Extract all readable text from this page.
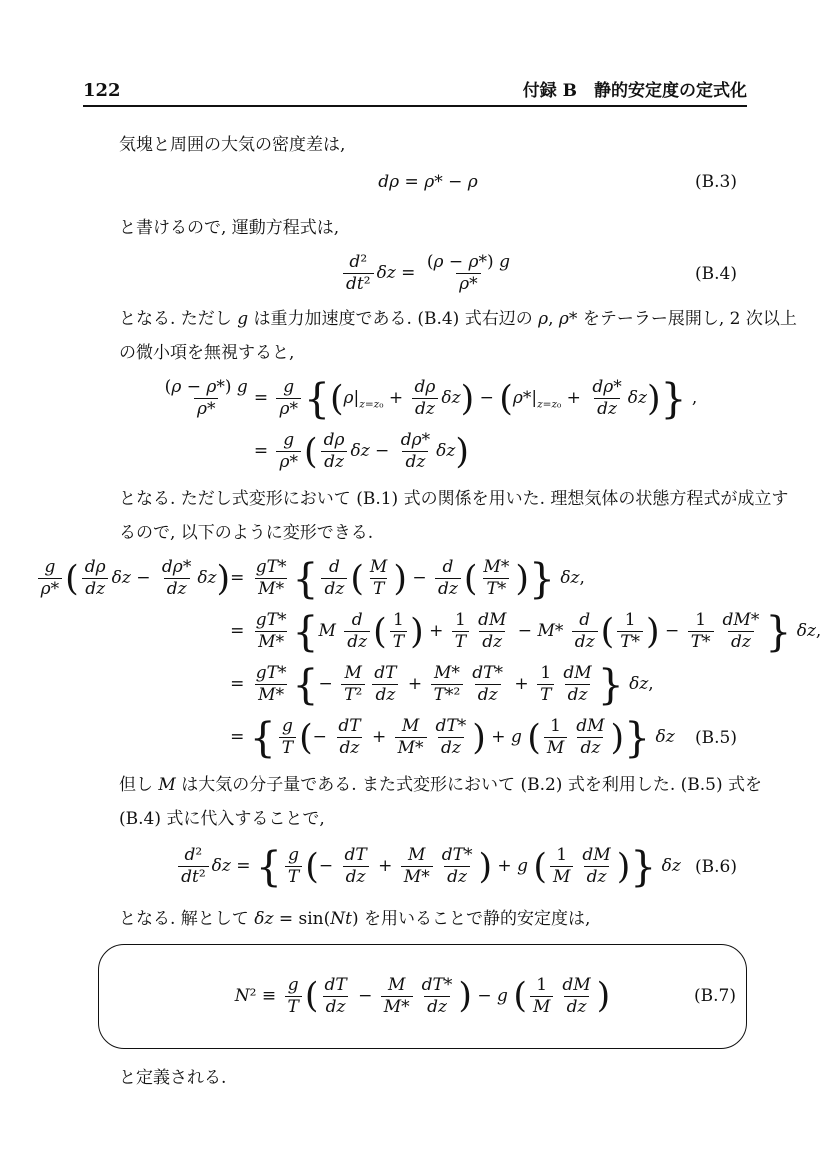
122	付録 B　静的安定度の定式化
気塊と周囲の大気の密度差は,
dρ = ρ* − ρ	(B.3)
と書けるので, 運動方程式は,
$\frac{\text{d²}}{\text{dt²}}$ $\delta z = \frac{(\rho - \rho*) g}{\rho*}$	(B.4)
となる. ただし g は重力加速度である. (B.4) 式右辺の ρ, ρ* をテーラー展開し, 2 次以上
の微小項を無視すると,
$\frac{(\rho - \rho*) g}{\rho*}$	= $\frac{g}{\rho*} \{(\rho|_{z=z_0} + \frac{d\rho}{dz} \delta z) - (\rho*|_{z=z_0} + \frac{d\rho*}{dz} \delta z)\}$ ,
	= $\frac{g}{\rho*}$ ( $\frac{d\rho}{dz}$ $\delta z - \frac{d\rho*}{dz} \delta z$)
となる. ただし式変形において (B.1) 式の関係を用いた. 理想気体の状態方程式が成立す
るので, 以下のように変形できる.
$\frac{g}{\rho*}$ ( $\frac{d\rho}{dz}$ $\delta z - \frac{d\rho*}{dz} \delta z$)	= $\frac{gT*}{M*}$ { $\frac{d}{dz}$ ( $\frac{M}{T}$ ) − $\frac{d}{dz}$ ( $\frac{M*}{T*}$ )} δz,
	= $\frac{gT*}{M*} \{M \frac{d}{dz}$ ( $\frac{1}{T}$ ) + $\frac{1}{T} \frac{dM}{dz} - M* \frac{d}{dz}$ ( $\frac{1}{T*}$ ) − $\frac{1}{T*} \frac{dM*}{dz}$ } δz,
	= $\frac{gT*}{M*}$ {− $\frac{M}{\text{T²}} \frac{dT}{dz} + \frac{M*}{\text{T*²}} \frac{dT*}{dz} + \frac{1}{T} \frac{dM}{dz}$ } δz,
	= { $\frac{g}{T}$ (− $\frac{dT}{dz} + \frac{M}{M*} \frac{dT*}{dz}$ ) + g ( $\frac{1}{M} \frac{dM}{dz}$ )} δz (B.5)
但し M は大気の分子量である. また式変形において (B.2) 式を利用した. (B.5) 式を
(B.4) 式に代入することで,
$\frac{\text{d²}}{\text{dt²}}$ δz = { $\frac{g}{T}$ (− $\frac{dT}{dz} + \frac{M}{M*} \frac{dT*}{dz}$ ) + g ( $\frac{1}{M} \frac{dM}{dz}$ )} δz (B.6)
となる. 解として δz = sin(Nt) を用いることで静的安定度は,
$N^2 \equiv \frac{g}{T}$ ( $\frac{dT}{dz} - \frac{M}{M*} \frac{dT*}{dz}$ ) − g ( $\frac{1}{M} \frac{dM}{dz}$ )	(B.7)
と定義される.
